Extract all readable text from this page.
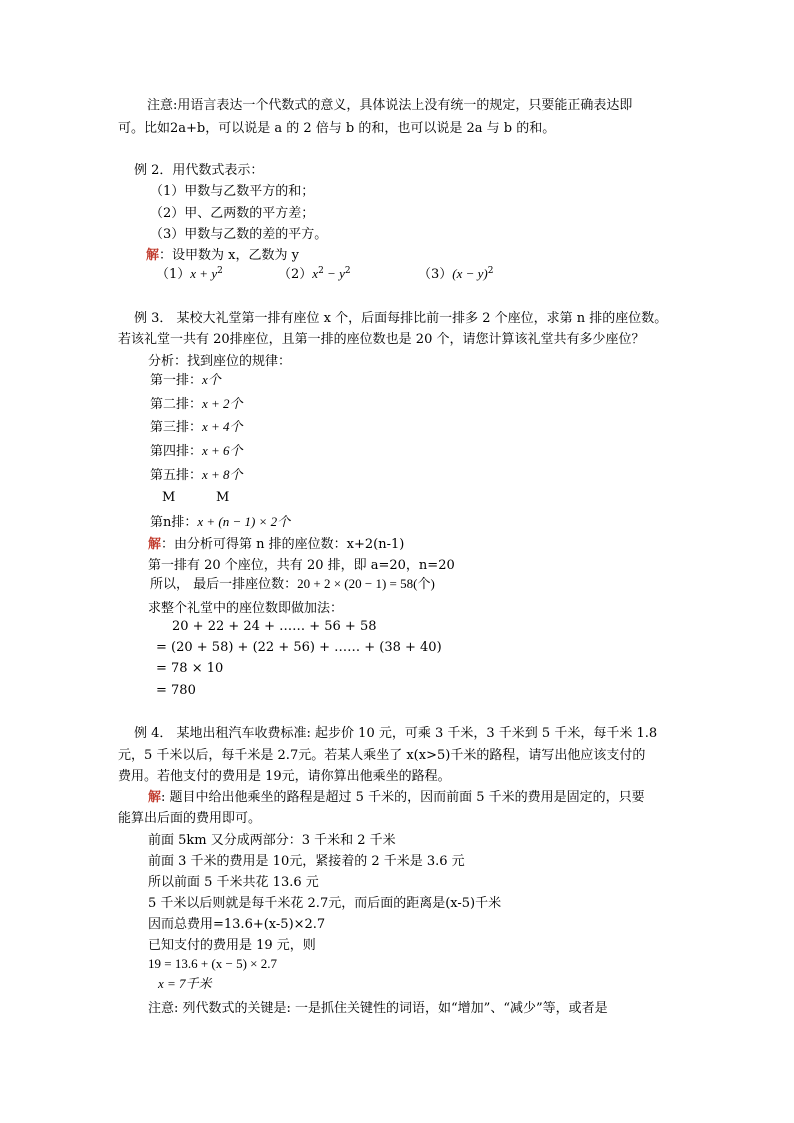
注意:用语言表达一个代数式的意义，具体说法上没有统一的规定，只要能正确表达即
可。比如2a+b，可以说是 a 的 2 倍与 b 的和，也可以说是 2a 与 b 的和。
例 2．用代数式表示：
（1）甲数与乙数平方的和；
（2）甲、乙两数的平方差；
（3）甲数与乙数的差的平方。
解：设甲数为 x，乙数为 y
$(1)x + y^2$	$(2)x^2 - y^2$	$(3)(x - y)^2$
例 3． 某校大礼堂第一排有座位 x 个，后面每排比前一排多 2 个座位，求第 n 排的座位数。
若该礼堂一共有 20排座位，且第一排的座位数也是 20 个，请您计算该礼堂共有多少座位？
分析：找到座位的规律：
第一排：x个
第二排：x + 2个
第三排：x + 4个
第四排：x + 6个
第五排：x + 8个
M	M
第n排：x + (n − 1) × 2个
解：由分析可得第 n 排的座位数：x+2(n-1)
第一排有 20 个座位，共有 20 排，即 a=20，n=20
所以， 最后一排座位数：20 + 2 × (20 − 1) = 58(个)
求整个礼堂中的座位数即做加法：
20 + 22 + 24 + …… + 56 + 58
= (20 + 58) + (22 + 56) + …… + (38 + 40)
= 78 × 10
= 780
例 4． 某地出租汽车收费标准: 起步价 10 元，可乘 3 千米，3 千米到 5 千米，每千米 1.8
元，5 千米以后，每千米是 2.7元。若某人乘坐了 x(x>5)千米的路程，请写出他应该支付的
费用。若他支付的费用是 19元，请你算出他乘坐的路程。
解: 题目中给出他乘坐的路程是超过 5 千米的，因而前面 5 千米的费用是固定的，只要
能算出后面的费用即可。
前面 5km 又分成两部分：3 千米和 2 千米
前面 3 千米的费用是 10元，紧接着的 2 千米是 3.6 元
所以前面 5 千米共花 13.6 元
5 千米以后则就是每千米花 2.7元，而后面的距离是(x-5)千米
因而总费用=13.6+(x-5)×2.7
已知支付的费用是 19 元，则
19 = 13.6 + (x − 5) × 2.7
x = 7千米
注意: 列代数式的关键是: 一是抓住关键性的词语，如“增加”、“减少”等，或者是
